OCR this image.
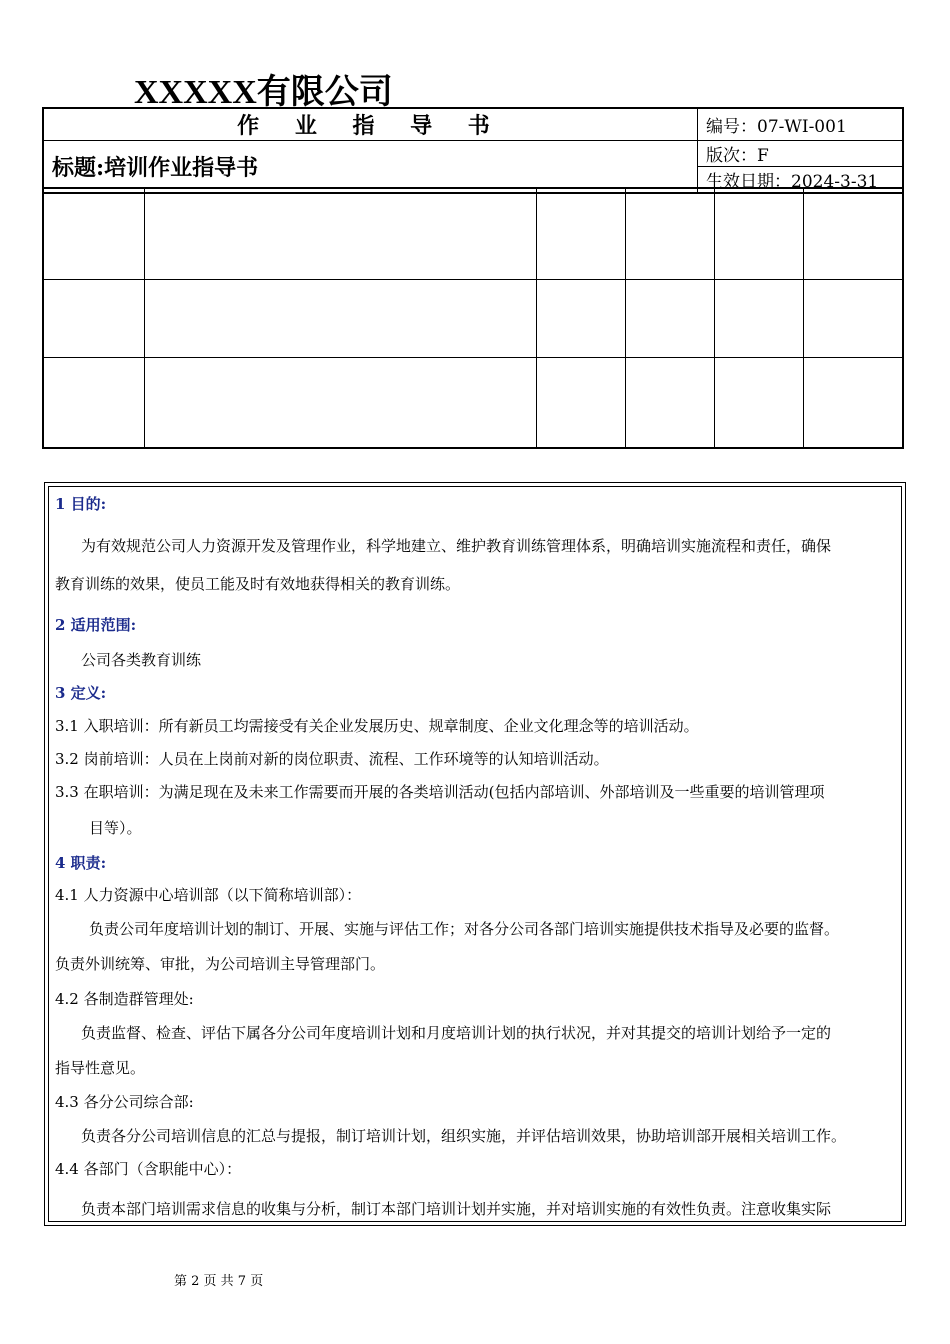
XXXXX有限公司
作 业 指 导 书	编号：07-WI-001
标题:培训作业指导书	版次：F
	生效日期：2024-3-31

1 目的:
为有效规范公司人力资源开发及管理作业，科学地建立、维护教育训练管理体系，明确培训实施流程和责任，确保
教育训练的效果，使员工能及时有效地获得相关的教育训练。
2 适用范围:
公司各类教育训练
3 定义:
3.1 入职培训：所有新员工均需接受有关企业发展历史、规章制度、企业文化理念等的培训活动。
3.2 岗前培训：人员在上岗前对新的岗位职责、流程、工作环境等的认知培训活动。
3.3 在职培训：为满足现在及未来工作需要而开展的各类培训活动(包括内部培训、外部培训及一些重要的培训管理项
目等）。
4 职责:
4.1 人力资源中心培训部（以下简称培训部）：
负责公司年度培训计划的制订、开展、实施与评估工作；对各分公司各部门培训实施提供技术指导及必要的监督。
负责外训统筹、审批，为公司培训主导管理部门。
4.2 各制造群管理处:
负责监督、检查、评估下属各分公司年度培训计划和月度培训计划的执行状况，并对其提交的培训计划给予一定的
指导性意见。
4.3 各分公司综合部:
负责各分公司培训信息的汇总与提报，制订培训计划，组织实施，并评估培训效果，协助培训部开展相关培训工作。
4.4 各部门（含职能中心）：
负责本部门培训需求信息的收集与分析，制订本部门培训计划并实施，并对培训实施的有效性负责。注意收集实际
第 2 页 共 7 页
